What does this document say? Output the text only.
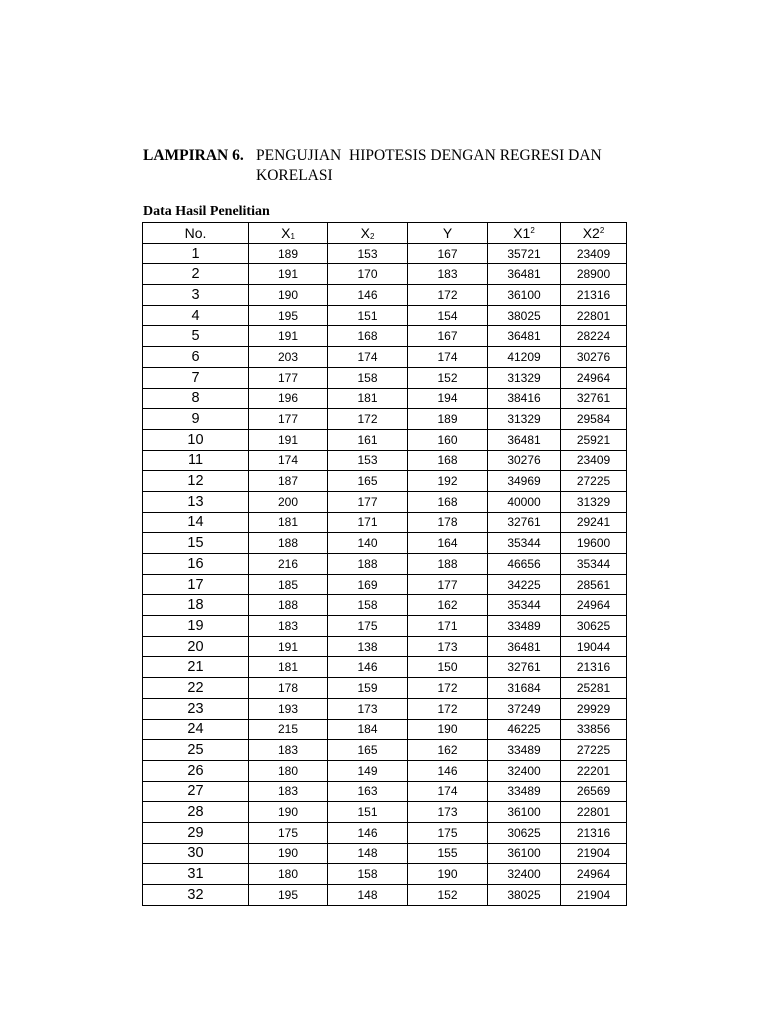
LAMPIRAN 6. PENGUJIAN  HIPOTESIS DENGAN REGRESI DAN KORELASI
Data Hasil Penelitian
No.	$X_1$	$X_2$	Y	$X1^2$	$X2^2$
1	189	153	167	35721	23409
2	191	170	183	36481	28900
3	190	146	172	36100	21316
4	195	151	154	38025	22801
5	191	168	167	36481	28224
6	203	174	174	41209	30276
7	177	158	152	31329	24964
8	196	181	194	38416	32761
9	177	172	189	31329	29584
10	191	161	160	36481	25921
11	174	153	168	30276	23409
12	187	165	192	34969	27225
13	200	177	168	40000	31329
14	181	171	178	32761	29241
15	188	140	164	35344	19600
16	216	188	188	46656	35344
17	185	169	177	34225	28561
18	188	158	162	35344	24964
19	183	175	171	33489	30625
20	191	138	173	36481	19044
21	181	146	150	32761	21316
22	178	159	172	31684	25281
23	193	173	172	37249	29929
24	215	184	190	46225	33856
25	183	165	162	33489	27225
26	180	149	146	32400	22201
27	183	163	174	33489	26569
28	190	151	173	36100	22801
29	175	146	175	30625	21316
30	190	148	155	36100	21904
31	180	158	190	32400	24964
32	195	148	152	38025	21904
